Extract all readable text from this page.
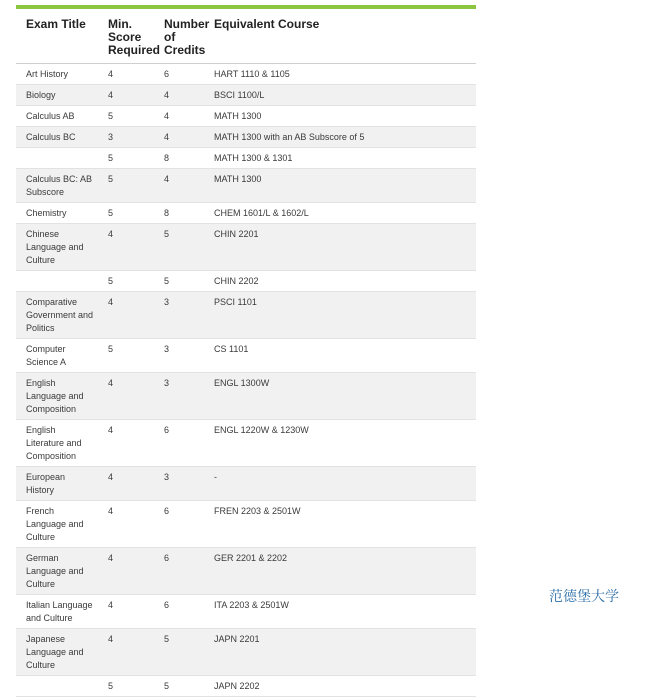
Exam Title	Min. Score Required	Number of Credits	Equivalent Course
Art History	4	6	HART 1110 & 1105
Biology	4	4	BSCI 1100/L
Calculus AB	5	4	MATH 1300
Calculus BC	3	4	MATH 1300 with an AB Subscore of 5
	5	8	MATH 1300 & 1301
Calculus BC: AB Subscore	5	4	MATH 1300
Chemistry	5	8	CHEM 1601/L & 1602/L
Chinese Language and Culture	4	5	CHIN 2201
	5	5	CHIN 2202
Comparative Government and Politics	4	3	PSCI 1101
Computer Science A	5	3	CS 1101
English Language and Composition	4	3	ENGL 1300W
English Literature and Composition	4	6	ENGL 1220W & 1230W
European History	4	3	-
French Language and Culture	4	6	FREN 2203 & 2501W
German Language and Culture	4	6	GER 2201 & 2202
Italian Language and Culture	4	6	ITA 2203 & 2501W
Japanese Language and Culture	4	5	JAPN 2201
	5	5	JAPN 2202
范德堡大学
